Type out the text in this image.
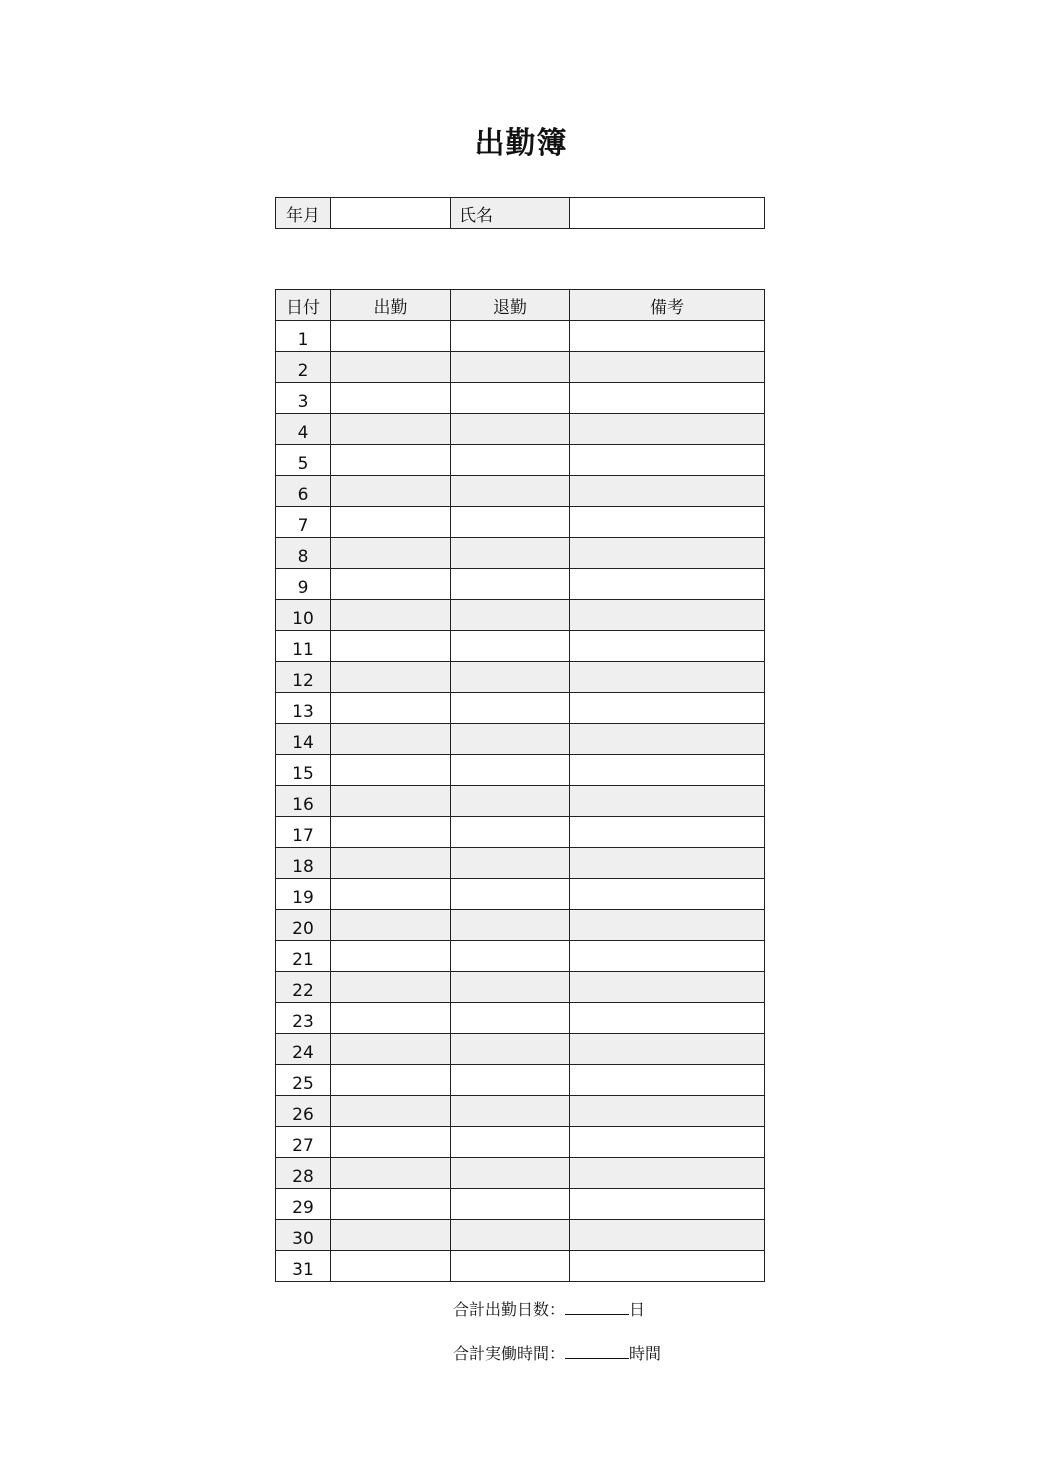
出勤簿
年月		氏名	
日付	出勤	退勤	備考
1			
2			
3			
4			
5			
6			
7			
8			
9			
10			
11			
12			
13			
14			
15			
16			
17			
18			
19			
20			
21			
22			
23			
24			
25			
26			
27			
28			
29			
30			
31			
合計出勤日数：	日
合計実働時間：	時間
